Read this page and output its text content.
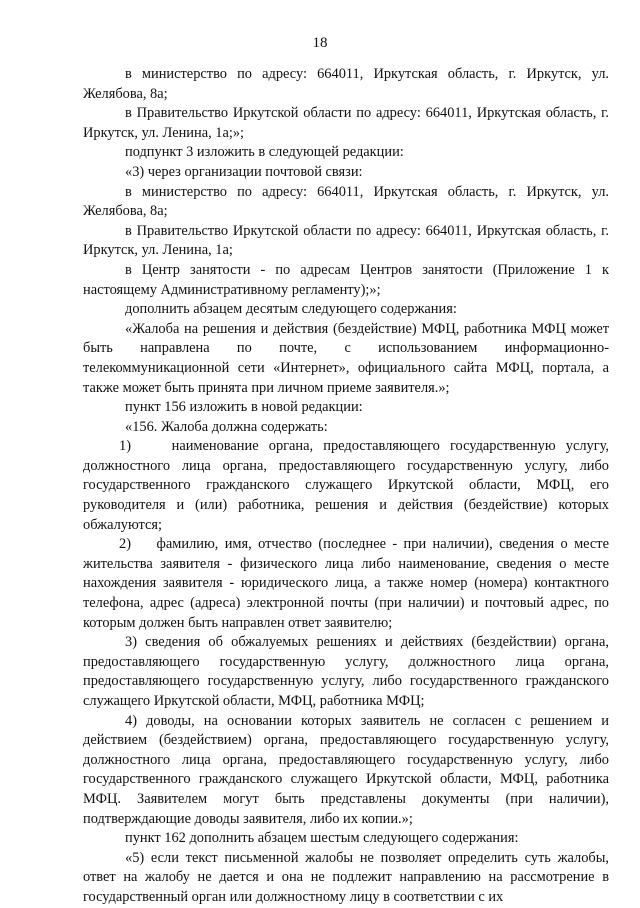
18

в министерство по адресу: 664011, Иркутская область, г. Иркутск, ул. Желябова, 8а;

в Правительство Иркутской области по адресу: 664011, Иркутская область, г. Иркутск, ул. Ленина, 1а;»;

подпункт 3 изложить в следующей редакции:

«3) через организации почтовой связи:

в министерство по адресу: 664011, Иркутская область, г. Иркутск, ул. Желябова, 8а;

в Правительство Иркутской области по адресу: 664011, Иркутская область, г. Иркутск, ул. Ленина, 1а;

в Центр занятости - по адресам Центров занятости (Приложение 1 к настоящему Административному регламенту);»;

дополнить абзацем десятым следующего содержания:

«Жалоба на решения и действия (бездействие) МФЦ, работника МФЦ может быть направлена по почте, с использованием информационно-телекоммуникационной сети «Интернет», официального сайта МФЦ, портала, а также может быть принята при личном приеме заявителя.»;

пункт 156 изложить в новой редакции:

«156. Жалоба должна содержать:

1)    наименование органа, предоставляющего государственную услугу, должностного лица органа, предоставляющего государственную услугу, либо государственного гражданского служащего Иркутской области, МФЦ, его руководителя и (или) работника, решения и действия (бездействие) которых обжалуются;

2)    фамилию, имя, отчество (последнее - при наличии), сведения о месте жительства заявителя - физического лица либо наименование, сведения о месте нахождения заявителя - юридического лица, а также номер (номера) контактного телефона, адрес (адреса) электронной почты (при наличии) и почтовый адрес, по которым должен быть направлен ответ заявителю;

3) сведения об обжалуемых решениях и действиях (бездействии) органа, предоставляющего государственную услугу, должностного лица органа, предоставляющего государственную услугу, либо государственного гражданского служащего Иркутской области, МФЦ, работника МФЦ;

4) доводы, на основании которых заявитель не согласен с решением и действием (бездействием) органа, предоставляющего государственную услугу, должностного лица органа, предоставляющего государственную услугу, либо государственного гражданского служащего Иркутской области, МФЦ, работника МФЦ. Заявителем могут быть представлены документы (при наличии), подтверждающие доводы заявителя, либо их копии.»;

пункт 162 дополнить абзацем шестым следующего содержания:

«5) если текст письменной жалобы не позволяет определить суть жалобы, ответ на жалобу не дается и она не подлежит направлению на рассмотрение в государственный орган или должностному лицу в соответствии с их
